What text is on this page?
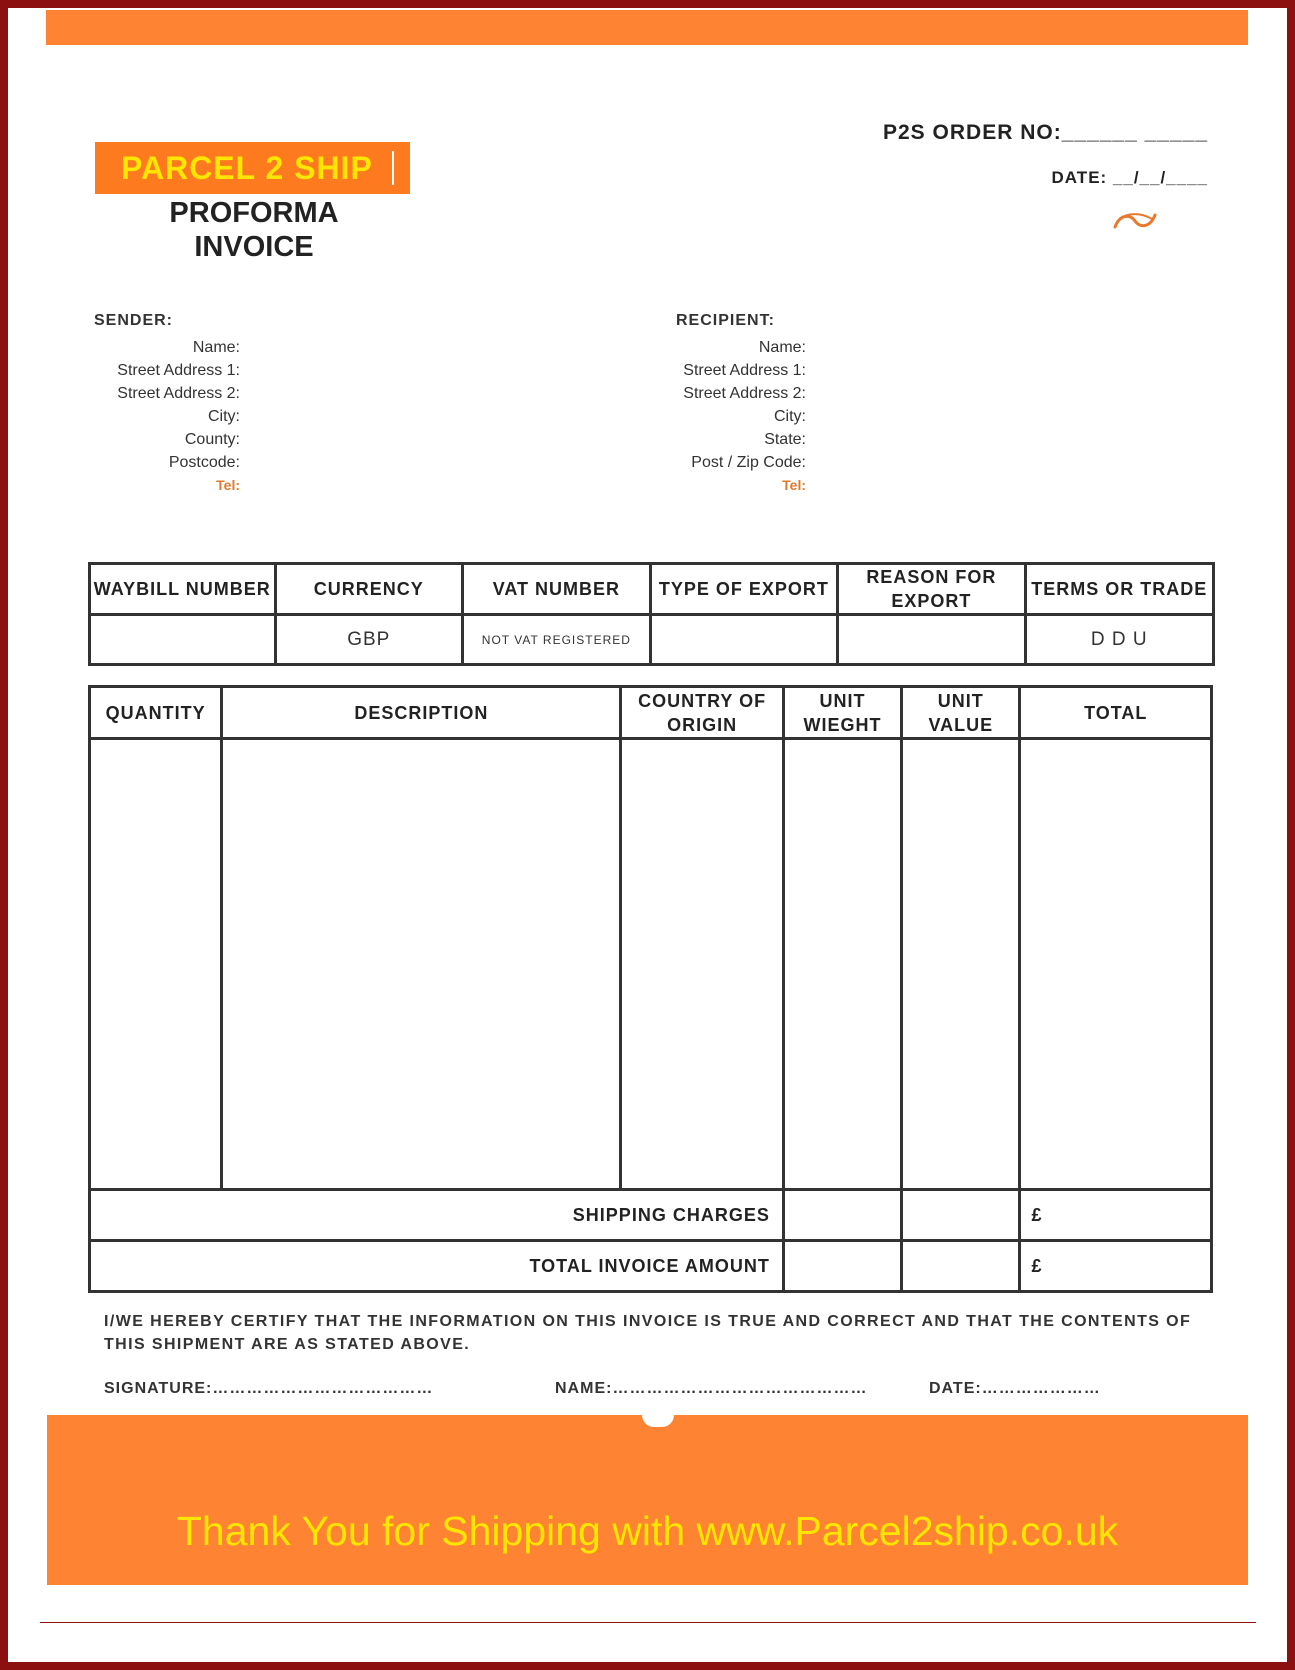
PARCEL 2 SHIP
PROFORMA
INVOICE
P2S ORDER NO:______ _____
DATE: __/__/____
SENDER:
Name:
Street Address 1:
Street Address 2:
City:
County:
Postcode:
Tel:
RECIPIENT:
Name:
Street Address 1:
Street Address 2:
City:
State:
Post / Zip Code:
Tel:
WAYBILL NUMBER	CURRENCY	VAT NUMBER	TYPE OF EXPORT	REASON FOR EXPORT	TERMS OR TRADE
	GBP	NOT VAT REGISTERED			D D U
QUANTITY	DESCRIPTION	COUNTRY OF ORIGIN	UNIT WIEGHT	UNIT VALUE	TOTAL

SHIPPING CHARGES					£
TOTAL INVOICE AMOUNT					£
I/WE HEREBY CERTIFY THAT THE INFORMATION ON THIS INVOICE IS TRUE AND CORRECT AND THAT THE CONTENTS OF THIS SHIPMENT ARE AS STATED ABOVE.
SIGNATURE:…………………………………	NAME:………………………………………	DATE:…………………
Thank You for Shipping with www.Parcel2ship.co.uk
